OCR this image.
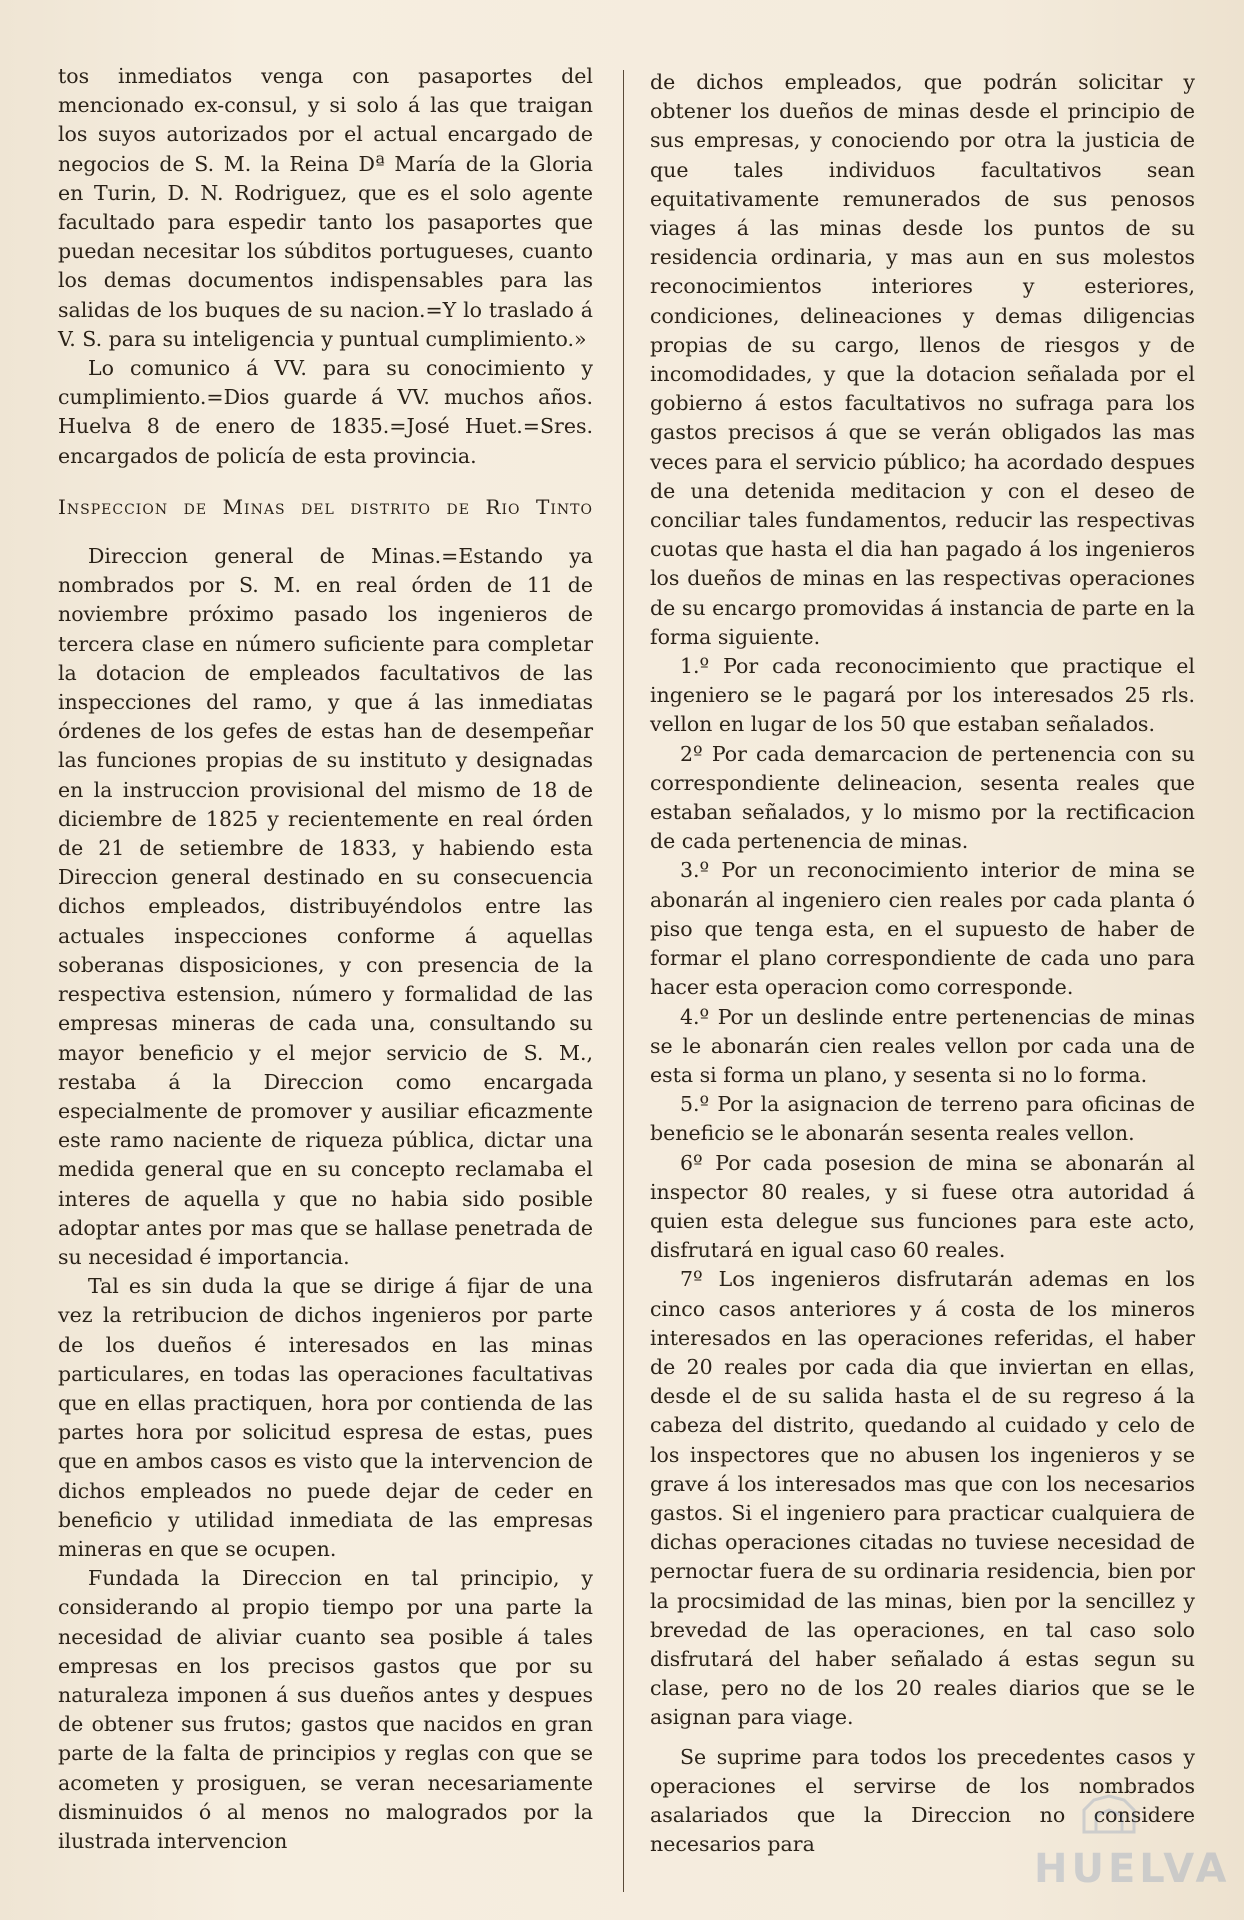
tos inmediatos venga con pasaportes del mencionado ex-consul, y si solo á las que traigan los suyos autorizados por el actual encargado de negocios de S. M. la Reina Dª María de la Gloria en Turin, D. N. Rodriguez, que es el solo agente facultado para espedir tanto los pasaportes que puedan necesitar los súbditos portugueses, cuanto los demas documentos indispensables para las salidas de los buques de su nacion.=Y lo traslado á V. S. para su inteligencia y puntual cumplimiento.»

Lo comunico á VV. para su conocimiento y cumplimiento.=Dios guarde á VV. muchos años. Huelva 8 de enero de 1835.=José Huet.=Sres. encargados de policía de esta provincia.

Inspeccion de Minas del distrito de Rio Tinto

Direccion general de Minas.=Estando ya nombrados por S. M. en real órden de 11 de noviembre próximo pasado los ingenieros de tercera clase en número suficiente para completar la dotacion de empleados facultativos de las inspecciones del ramo, y que á las inmediatas órdenes de los gefes de estas han de desempeñar las funciones propias de su instituto y designadas en la instruccion provisional del mismo de 18 de diciembre de 1825 y recientemente en real órden de 21 de setiembre de 1833, y habiendo esta Direccion general destinado en su consecuencia dichos empleados, distribuyéndolos entre las actuales inspecciones conforme á aquellas soberanas disposiciones, y con presencia de la respectiva estension, número y formalidad de las empresas mineras de cada una, consultando su mayor beneficio y el mejor servicio de S. M., restaba á la Direccion como encargada especialmente de promover y ausiliar eficazmente este ramo naciente de riqueza pública, dictar una medida general que en su concepto reclamaba el interes de aquella y que no habia sido posible adoptar antes por mas que se hallase penetrada de su necesidad é importancia.

Tal es sin duda la que se dirige á fijar de una vez la retribucion de dichos ingenieros por parte de los dueños é interesados en las minas particulares, en todas las operaciones facultativas que en ellas practiquen, hora por contienda de las partes hora por solicitud espresa de estas, pues que en ambos casos es visto que la intervencion de dichos empleados no puede dejar de ceder en beneficio y utilidad inmediata de las empresas mineras en que se ocupen.

Fundada la Direccion en tal principio, y considerando al propio tiempo por una parte la necesidad de aliviar cuanto sea posible á tales empresas en los precisos gastos que por su naturaleza imponen á sus dueños antes y despues de obtener sus frutos; gastos que nacidos en gran parte de la falta de principios y reglas con que se acometen y prosiguen, se veran necesariamente disminuidos ó al menos no malogrados por la ilustrada intervencion

de dichos empleados, que podrán solicitar y obtener los dueños de minas desde el principio de sus empresas, y conociendo por otra la justicia de que tales individuos facultativos sean equitativamente remunerados de sus penosos viages á las minas desde los puntos de su residencia ordinaria, y mas aun en sus molestos reconocimientos interiores y esteriores, condiciones, delineaciones y demas diligencias propias de su cargo, llenos de riesgos y de incomodidades, y que la dotacion señalada por el gobierno á estos facultativos no sufraga para los gastos precisos á que se verán obligados las mas veces para el servicio público; ha acordado despues de una detenida meditacion y con el deseo de conciliar tales fundamentos, reducir las respectivas cuotas que hasta el dia han pagado á los ingenieros los dueños de minas en las respectivas operaciones de su encargo promovidas á instancia de parte en la forma siguiente.

1.º Por cada reconocimiento que practique el ingeniero se le pagará por los interesados 25 rls. vellon en lugar de los 50 que estaban señalados.

2º Por cada demarcacion de pertenencia con su correspondiente delineacion, sesenta reales que estaban señalados, y lo mismo por la rectificacion de cada pertenencia de minas.

3.º Por un reconocimiento interior de mina se abonarán al ingeniero cien reales por cada planta ó piso que tenga esta, en el supuesto de haber de formar el plano correspondiente de cada uno para hacer esta operacion como corresponde.

4.º Por un deslinde entre pertenencias de minas se le abonarán cien reales vellon por cada una de esta si forma un plano, y sesenta si no lo forma.

5.º Por la asignacion de terreno para oficinas de beneficio se le abonarán sesenta reales vellon.

6º Por cada posesion de mina se abonarán al inspector 80 reales, y si fuese otra autoridad á quien esta delegue sus funciones para este acto, disfrutará en igual caso 60 reales.

7º Los ingenieros disfrutarán ademas en los cinco casos anteriores y á costa de los mineros interesados en las operaciones referidas, el haber de 20 reales por cada dia que inviertan en ellas, desde el de su salida hasta el de su regreso á la cabeza del distrito, quedando al cuidado y celo de los inspectores que no abusen los ingenieros y se grave á los interesados mas que con los necesarios gastos. Si el ingeniero para practicar cualquiera de dichas operaciones citadas no tuviese necesidad de pernoctar fuera de su ordinaria residencia, bien por la procsimidad de las minas, bien por la sencillez y brevedad de las operaciones, en tal caso solo disfrutará del haber señalado á estas segun su clase, pero no de los 20 reales diarios que se le asignan para viage.

Se suprime para todos los precedentes casos y operaciones el servirse de los nombrados asalariados que la Direccion no considere necesarios para

HUELVA
